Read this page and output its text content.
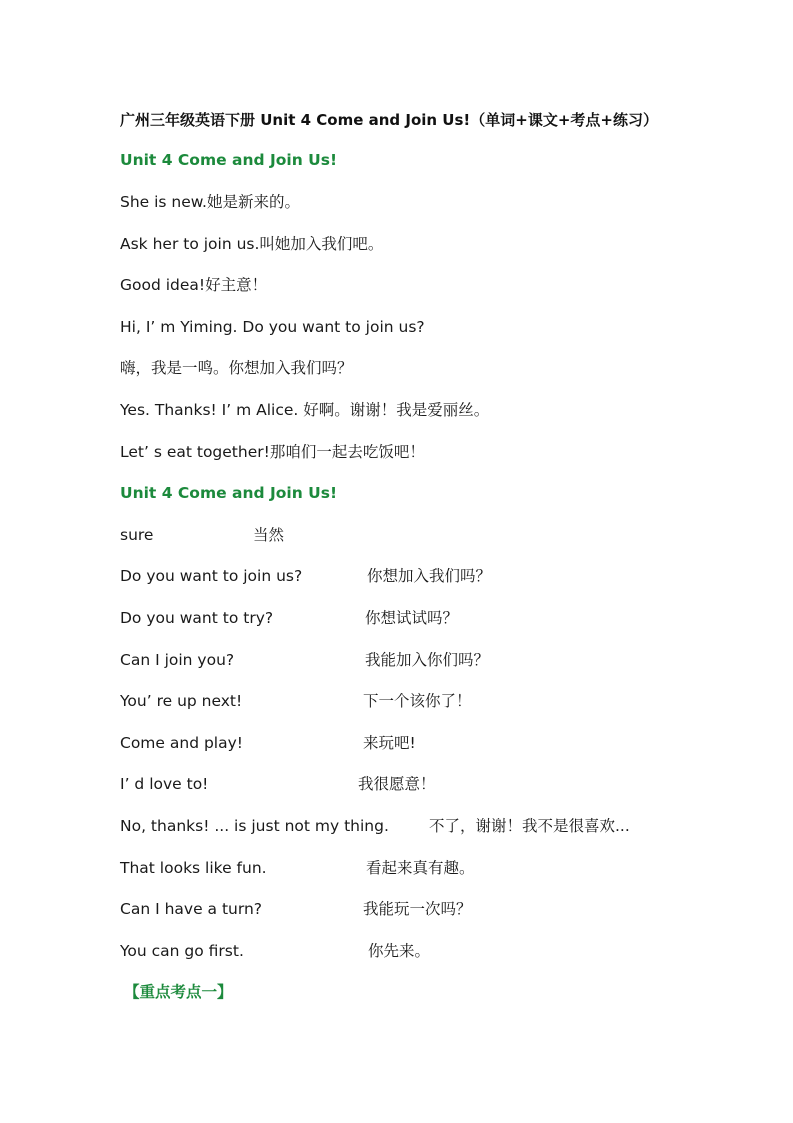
广州三年级英语下册 Unit 4 Come and Join Us!（单词+课文+考点+练习）
Unit 4 Come and Join Us!
She is new.她是新来的。
Ask her to join us.叫她加入我们吧。
Good idea!好主意！
Hi, I’ m Yiming. Do you want to join us?
嗨，我是一鸣。你想加入我们吗？
Yes. Thanks! I’ m Alice. 好啊。谢谢！我是爱丽丝。
Let’ s eat together!那咱们一起去吃饭吧！
Unit 4 Come and Join Us!
sure	当然
Do you want to join us?	你想加入我们吗？
Do you want to try?	你想试试吗？
Can I join you?	我能加入你们吗？
You’ re up next!	下一个该你了！
Come and play!	来玩吧!
I’ d love to!	我很愿意！
No, thanks! ... is just not my thing.	不了，谢谢！我不是很喜欢...
That looks like fun.	看起来真有趣。
Can I have a turn?	我能玩一次吗？
You can go first.	你先来。
【重点考点一】
